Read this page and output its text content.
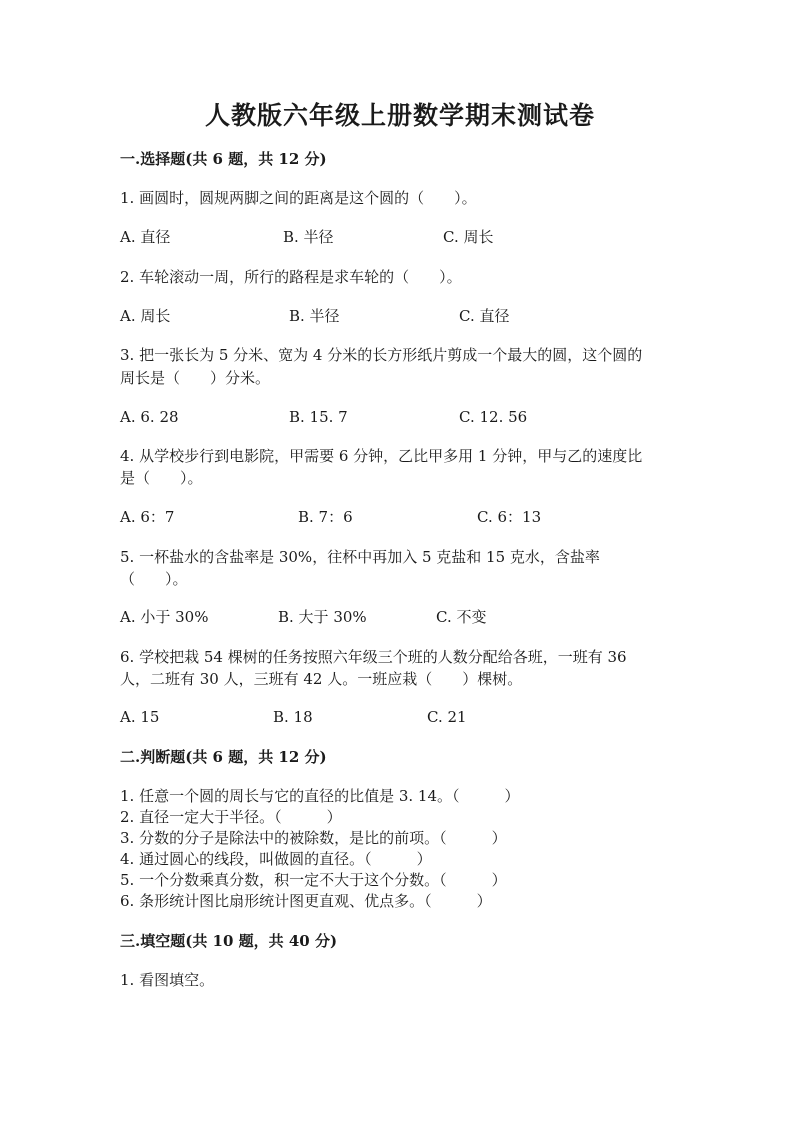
人教版六年级上册数学期末测试卷
一.选择题(共 6 题，共 12 分)
1. 画圆时，圆规两脚之间的距离是这个圆的（　　）。
A. 直径	B. 半径	C. 周长
2. 车轮滚动一周，所行的路程是求车轮的（　　）。
A. 周长	B. 半径	C. 直径
3. 把一张长为 5 分米、宽为 4 分米的长方形纸片剪成一个最大的圆，这个圆的
周长是（　　）分米。
A. 6. 28	B. 15. 7	C. 12. 56
4. 从学校步行到电影院，甲需要 6 分钟，乙比甲多用 1 分钟，甲与乙的速度比
是（　　）。
A. 6：7	B. 7：6	C. 6：13
5. 一杯盐水的含盐率是 30%，往杯中再加入 5 克盐和 15 克水，含盐率
（　　）。
A. 小于 30%	B. 大于 30%	C. 不变
6. 学校把栽 54 棵树的任务按照六年级三个班的人数分配给各班，一班有 36
人，二班有 30 人，三班有 42 人。一班应栽（　　）棵树。
A. 15	B. 18	C. 21
二.判断题(共 6 题，共 12 分)
1. 任意一个圆的周长与它的直径的比值是 3. 14。（　　　）
2. 直径一定大于半径。（　　　）
3. 分数的分子是除法中的被除数，是比的前项。（　　　）
4. 通过圆心的线段，叫做圆的直径。（　　　）
5. 一个分数乘真分数，积一定不大于这个分数。（　　　）
6. 条形统计图比扇形统计图更直观、优点多。（　　　）
三.填空题(共 10 题，共 40 分)
1. 看图填空。
